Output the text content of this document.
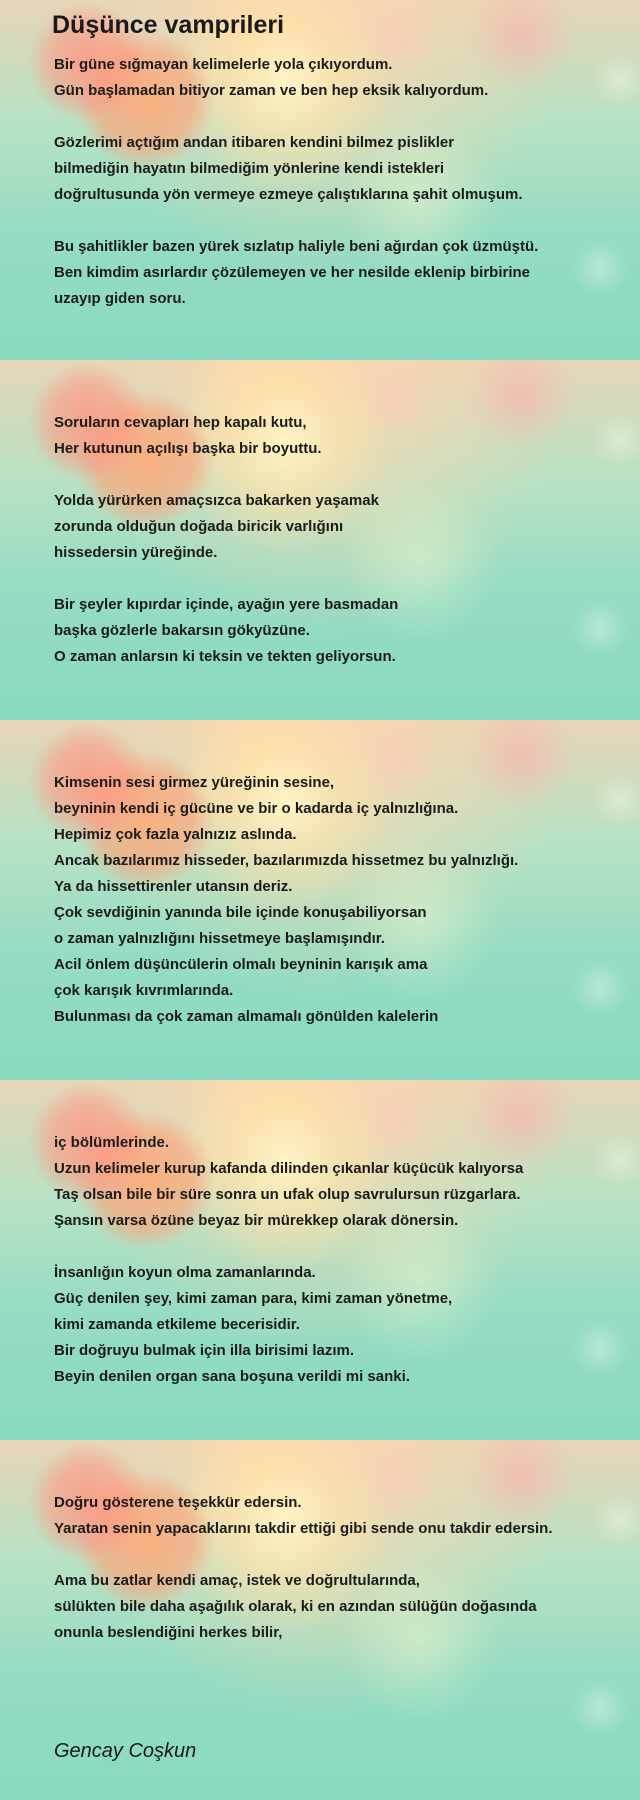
Düşünce vamprileri

Bir güne sığmayan kelimelerle yola çıkıyordum.

Gün başlamadan bitiyor zaman ve ben hep eksik kalıyordum.

Gözlerimi açtığım andan itibaren kendini bilmez pislikler

bilmediğin hayatın bilmediğim yönlerine kendi istekleri

doğrultusunda yön vermeye ezmeye çalıştıklarına şahit olmuşum.

Bu şahitlikler bazen yürek sızlatıp haliyle beni ağırdan çok üzmüştü.

Ben kimdim asırlardır çözülemeyen ve her nesilde eklenip birbirine

uzayıp giden soru.

Soruların cevapları hep kapalı kutu,

Her kutunun açılışı başka bir boyuttu.

Yolda yürürken amaçsızca bakarken yaşamak

zorunda olduğun doğada biricik varlığını

hissedersin yüreğinde.

Bir şeyler kıpırdar içinde, ayağın yere basmadan

başka gözlerle bakarsın gökyüzüne.

O zaman anlarsın ki teksin ve tekten geliyorsun.

Kimsenin sesi girmez yüreğinin sesine,

beyninin kendi iç gücüne ve bir o kadarda iç yalnızlığına.

Hepimiz çok fazla yalnızız aslında.

Ancak bazılarımız hisseder, bazılarımızda hissetmez bu yalnızlığı.

Ya da hissettirenler utansın deriz.

Çok sevdiğinin yanında bile içinde konuşabiliyorsan

o zaman yalnızlığını hissetmeye başlamışındır.

Acil önlem düşüncülerin olmalı beyninin karışık ama

çok karışık kıvrımlarında.

Bulunması da çok zaman almamalı gönülden kalelerin

iç bölümlerinde.

Uzun kelimeler kurup kafanda dilinden çıkanlar küçücük kalıyorsa

Taş olsan bile bir süre sonra un ufak olup savrulursun rüzgarlara.

Şansın varsa özüne beyaz bir mürekkep olarak dönersin.

İnsanlığın koyun olma zamanlarında.

Güç denilen şey, kimi zaman para, kimi zaman yönetme,

kimi zamanda etkileme becerisidir.

Bir doğruyu bulmak için illa birisimi lazım.

Beyin denilen organ sana boşuna verildi mi sanki.

Doğru gösterene teşekkür edersin.

Yaratan senin yapacaklarını takdir ettiği gibi sende onu takdir edersin.

Ama bu zatlar kendi amaç, istek ve doğrultularında,

sülükten bile daha aşağılık olarak, ki en azından sülüğün doğasında

onunla beslendiğini herkes bilir,

Gencay Coşkun
